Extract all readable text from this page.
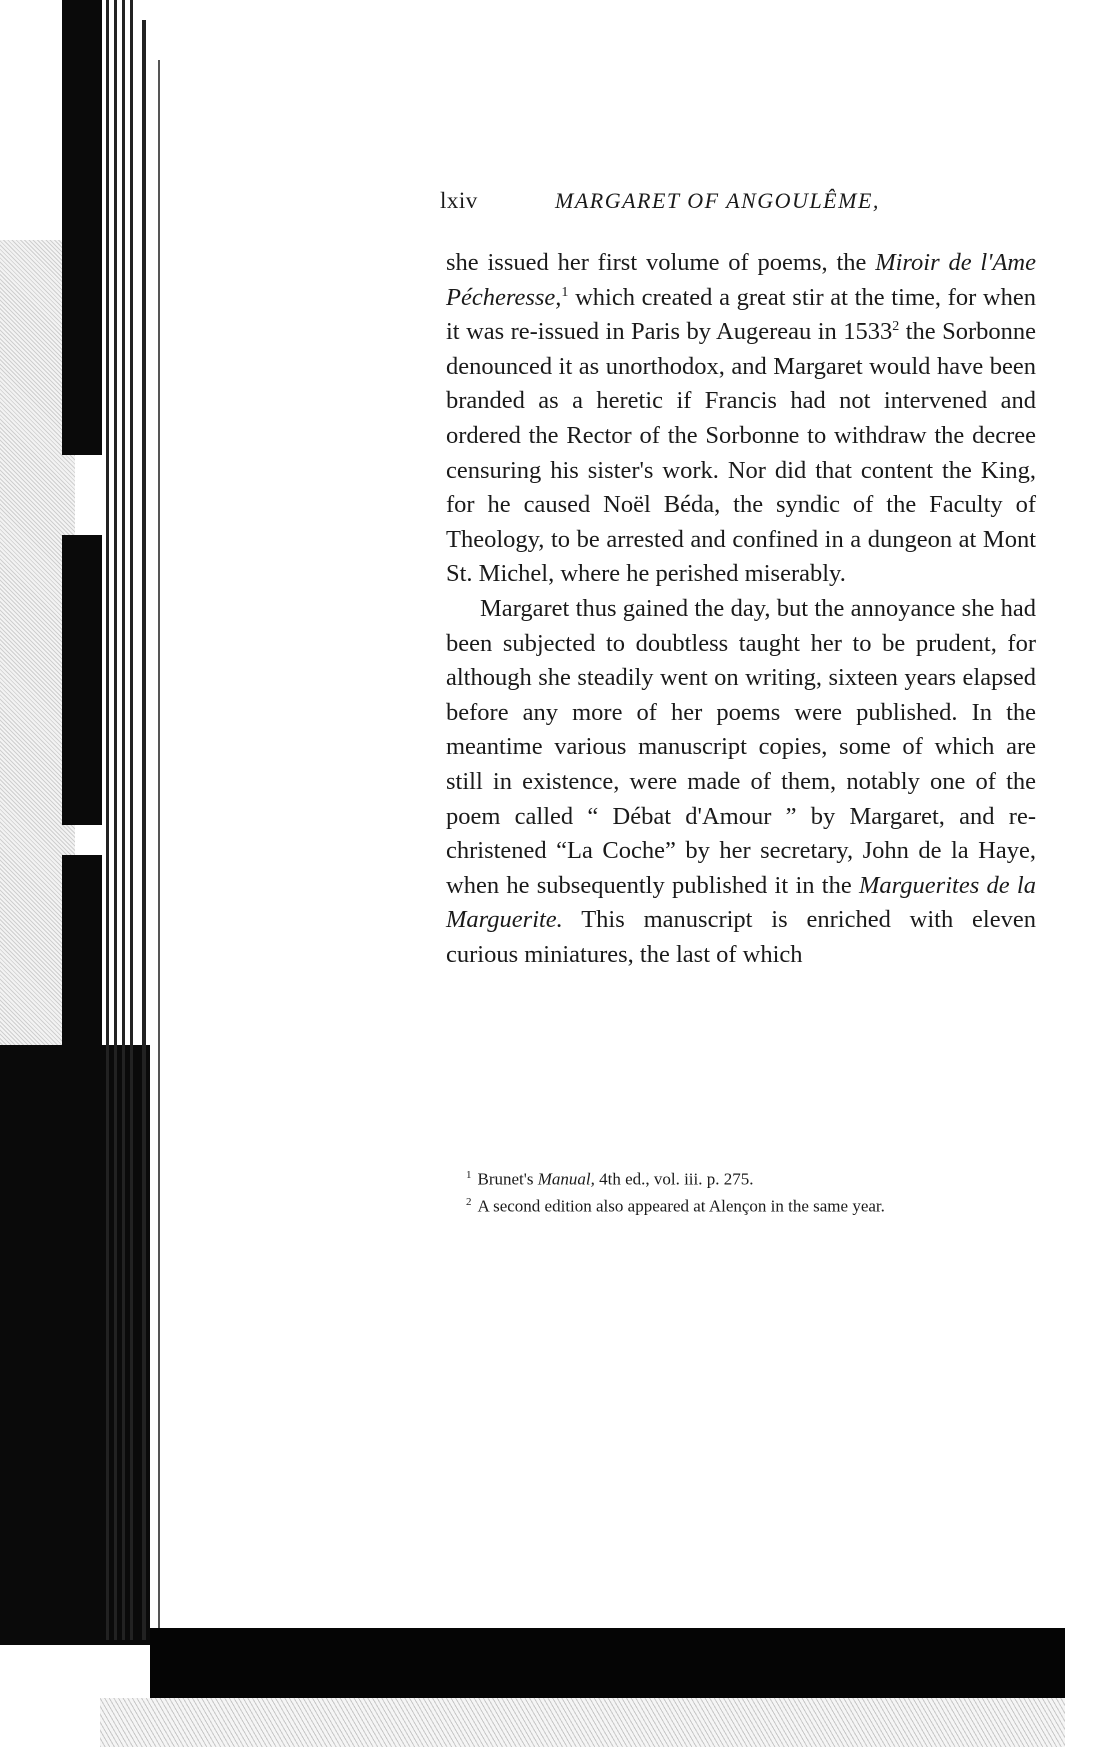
lxiv	MARGARET OF ANGOULÊME,

she issued her first volume of poems, the Miroir de l'Ame Pécheresse,$^1$ which created a great stir at the time, for when it was re-issued in Paris by Augereau in 1533$^2$ the Sorbonne denounced it as unorthodox, and Margaret would have been branded as a heretic if Francis had not intervened and ordered the Rector of the Sorbonne to withdraw the decree censuring his sister's work. Nor did that content the King, for he caused Noël Béda, the syndic of the Faculty of Theology, to be arrested and confined in a dungeon at Mont St. Michel, where he perished miserably.

Margaret thus gained the day, but the annoyance she had been subjected to doubtless taught her to be prudent, for although she steadily went on writing, sixteen years elapsed before any more of her poems were published. In the meantime various manuscript copies, some of which are still in existence, were made of them, notably one of the poem called “ Débat d'Amour ” by Margaret, and re-christened “La Coche” by her secretary, John de la Haye, when he subsequently published it in the Marguerites de la Marguerite. This manuscript is enriched with eleven curious miniatures, the last of which

$^1$ Brunet's Manual, 4th ed., vol. iii. p. 275.

$^2$ A second edition also appeared at Alençon in the same year.
